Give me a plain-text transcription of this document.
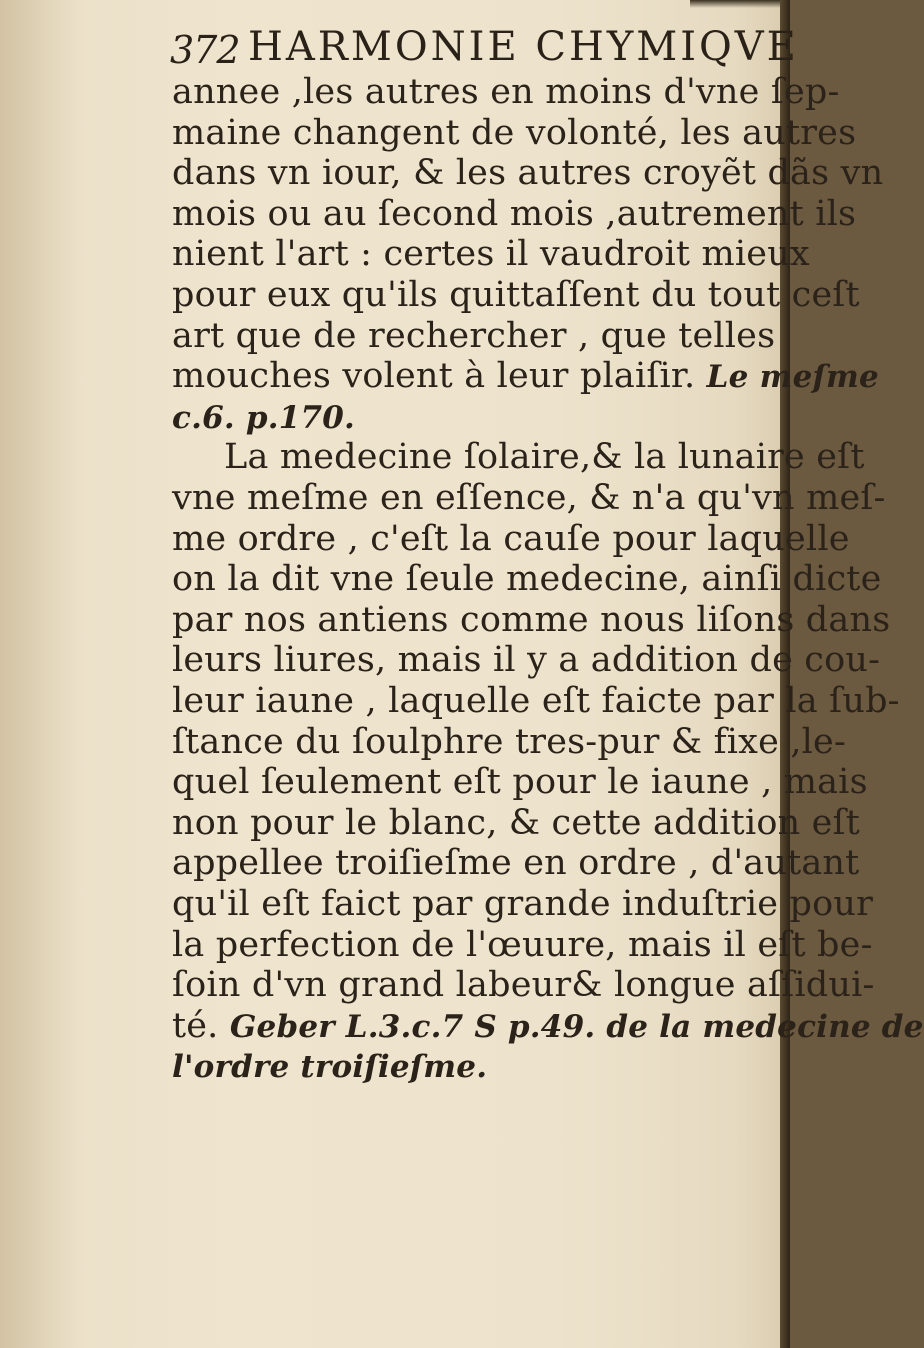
372 HARMONIE CHYMIQVE
annee ,les autres en moins d'vne ſep-
maine changent de volonté, les autres
dans vn iour, & les autres croyẽt dãs vn
mois ou au ſecond mois ,autrement ils
nient l'art : certes il vaudroit mieux
pour eux qu'ils quittaſſent du tout ceſt
art que de rechercher , que telles
mouches volent à leur plaiſir. Le meſme
c.6. p.170.
La medecine ſolaire,& la lunaire eſt
vne meſme en eſſence, & n'a qu'vn meſ-
me ordre , c'eſt la cauſe pour laquelle
on la dit vne ſeule medecine, ainſi dicte
par nos antiens comme nous liſons dans
leurs liures, mais il y a addition de cou-
leur iaune , laquelle eſt faicte par la ſub-
ſtance du ſoulphre tres-pur & fixe ,le-
quel ſeulement eſt pour le iaune , mais
non pour le blanc, & cette addition eſt
appellee troiſieſme en ordre , d'autant
qu'il eſt faict par grande induſtrie pour
la perfection de l'œuure, mais il eſt be-
ſoin d'vn grand labeur& longue aſſidui-
té. Geber L.3.c.7 S p.49. de la medecine de
l'ordre troiſieſme.
